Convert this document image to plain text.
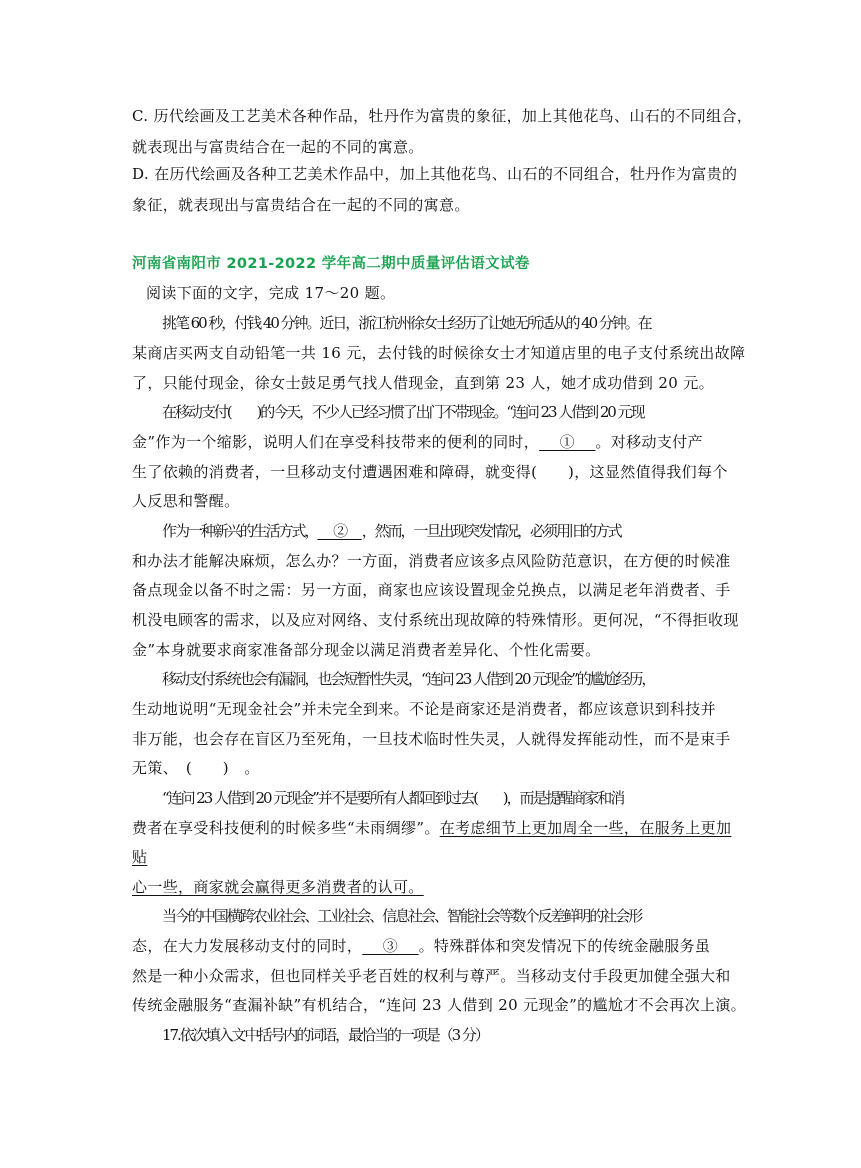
C. 历代绘画及工艺美术各种作品，牡丹作为富贵的象征，加上其他花鸟、山石的不同组合，
就表现出与富贵结合在一起的不同的寓意。
D. 在历代绘画及各种工艺美术作品中，加上其他花鸟、山石的不同组合，牡丹作为富贵的
象征，就表现出与富贵结合在一起的不同的寓意。
河南省南阳市 2021-2022 学年高二期中质量评估语文试卷
阅读下面的文字，完成 17～20 题。
挑笔 60 秒，付钱 40 分钟。近日，浙江杭州徐女士经历了让她无所适从的 40 分钟。在
某商店买两支自动铅笔一共 16 元，去付钱的时候徐女士才知道店里的电子支付系统出故障
了，只能付现金，徐女士鼓足勇气找人借现金，直到第 23 人，她才成功借到 20 元。
在移动支付(　　)的今天，不少人已经习惯了出门不带现金。“连问 23 人借到 20 元现
金”作为一个缩影，说明人们在享受科技带来的便利的同时，　 ① 　。对移动支付产
生了依赖的消费者，一旦移动支付遭遇困难和障碍，就变得(　　)，这显然值得我们每个
人反思和警醒。
作为一种新兴的生活方式，　 ② 　，然而，一旦出现突发情况，必须用旧的方式
和办法才能解决麻烦，怎么办？一方面，消费者应该多点风险防范意识，在方便的时候准
备点现金以备不时之需：另一方面，商家也应该设置现金兑换点，以满足老年消费者、手
机没电顾客的需求，以及应对网络、支付系统出现故障的特殊情形。更何况，“不得拒收现
金”本身就要求商家准备部分现金以满足消费者差异化、个性化需要。
移动支付系统也会有漏洞，也会短暂性失灵，“连问 23 人借到 20 元现金”的尴尬经历，
生动地说明“无现金社会”并未完全到来。不论是商家还是消费者，都应该意识到科技并
非万能，也会存在盲区乃至死角，一旦技术临时性失灵，人就得发挥能动性，而不是束手
无策、　(　　)　。
“连问 23 人借到 20 元现金”并不是要所有人都回到过去(　　)，而是提醒商家和消
费者在享受科技便利的时候多些“未雨绸缪”。在考虑细节上更加周全一些，在服务上更加
贴
心一些，商家就会赢得更多消费者的认可。
当今的中国横跨农业社会、工业社会、信息社会、智能社会等数个反差鲜明的社会形
态，在大力发展移动支付的同时，　 ③ 　。特殊群体和突发情况下的传统金融服务虽
然是一种小众需求，但也同样关乎老百姓的权利与尊严。当移动支付手段更加健全强大和
传统金融服务“查漏补缺”有机结合，“连问 23 人借到 20 元现金”的尴尬才不会再次上演。
17.依次填入文中括号内的词语，最恰当的一项是（3 分）
